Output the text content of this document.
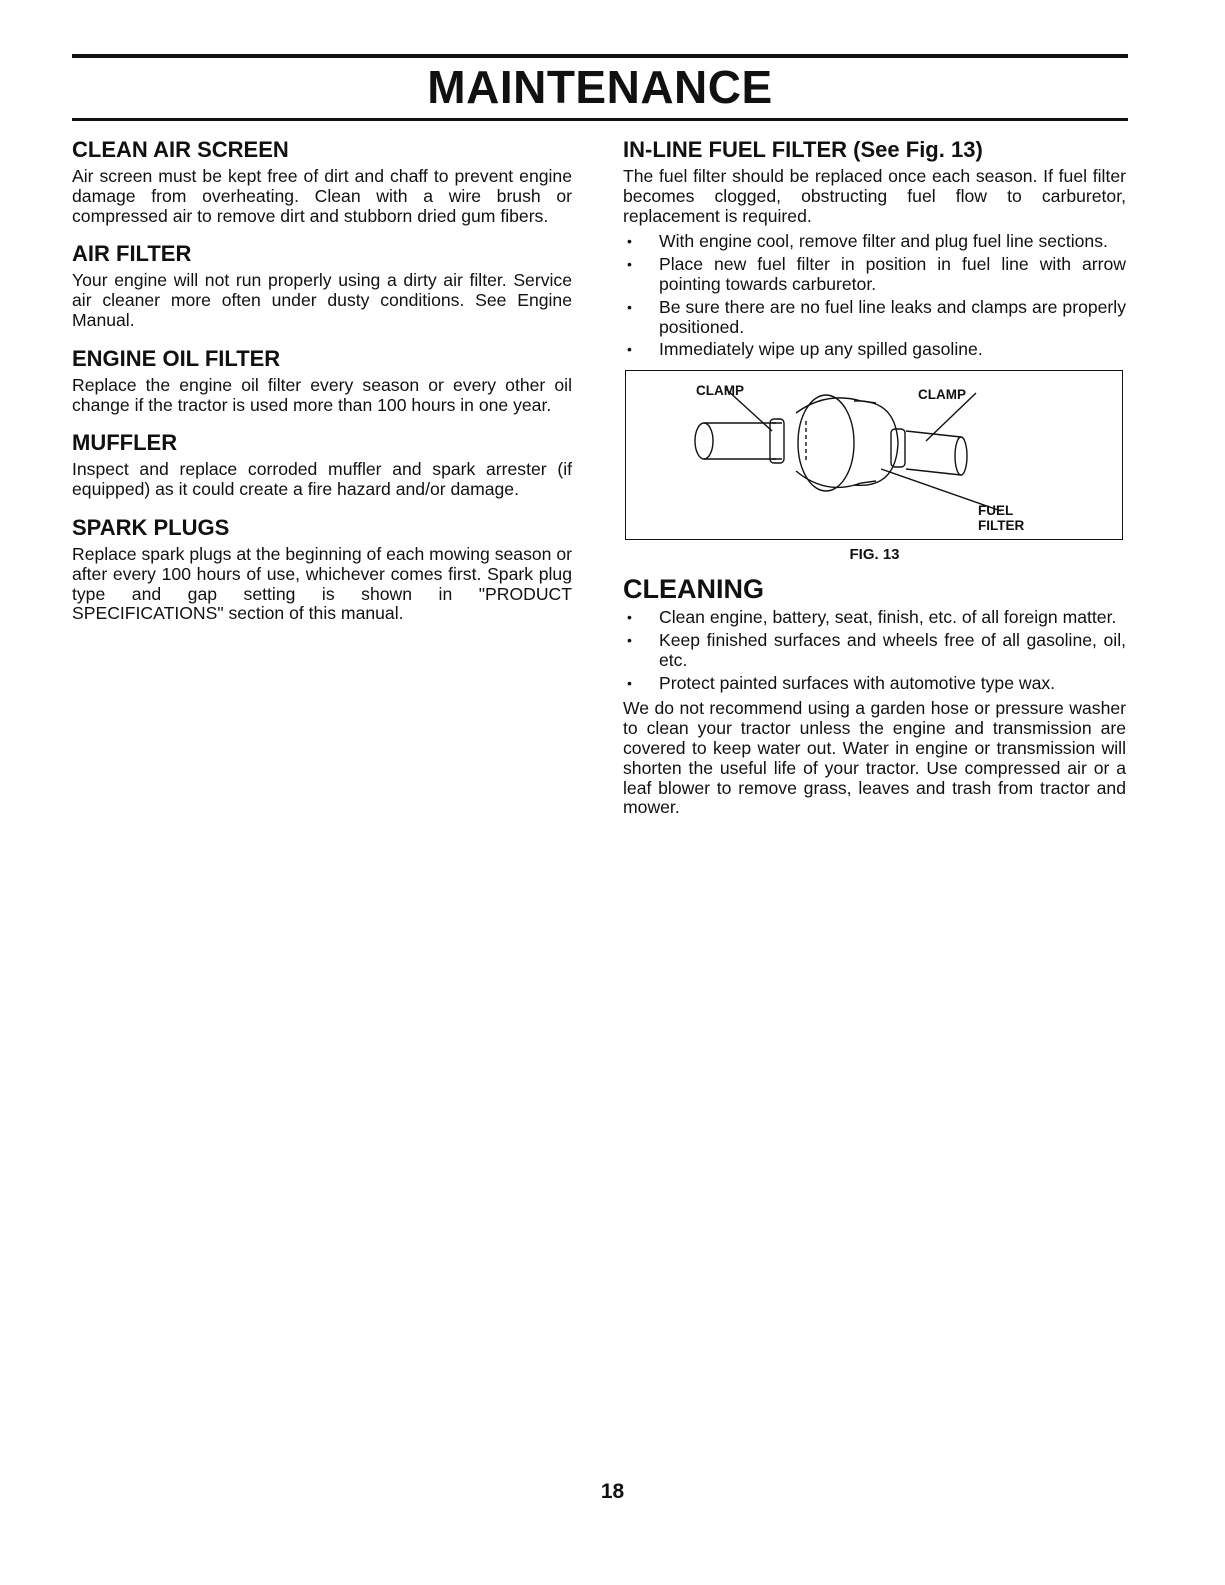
MAINTENANCE
CLEAN AIR SCREEN

Air screen must be kept free of dirt and chaff to prevent engine damage from overheating. Clean with a wire brush or compressed air to remove dirt and stubborn dried gum fibers.

AIR FILTER

Your engine will not run properly using a dirty air filter. Service air cleaner more often under dusty conditions. See Engine Manual.

ENGINE OIL FILTER

Replace the engine oil filter every season or every other oil change if the tractor is used more than 100 hours in one year.

MUFFLER

Inspect and replace corroded muffler and spark arrester (if equipped) as it could create a fire hazard and/or damage.

SPARK PLUGS

Replace spark plugs at the beginning of each mowing season or after every 100 hours of use, whichever comes first. Spark plug type and gap setting is shown in "PRODUCT SPECIFICATIONS" section of this manual.

IN-LINE FUEL FILTER (See Fig. 13)

The fuel filter should be replaced once each season. If fuel filter becomes clogged, obstructing fuel flow to carburetor, replacement is required.

• With engine cool, remove filter and plug fuel line sections.
• Place new fuel filter in position in fuel line with arrow pointing towards carburetor.
• Be sure there are no fuel line leaks and clamps are properly positioned.
• Immediately wipe up any spilled gasoline.
CLAMP	CLAMP
FUEL FILTER
FIG. 13
CLEANING
• Clean engine, battery, seat, finish, etc. of all foreign matter.
• Keep finished surfaces and wheels free of all gasoline, oil, etc.
• Protect painted surfaces with automotive type wax.

We do not recommend using a garden hose or pressure washer to clean your tractor unless the engine and transmission are covered to keep water out. Water in engine or transmission will shorten the useful life of your tractor. Use compressed air or a leaf blower to remove grass, leaves and trash from tractor and mower.

18
